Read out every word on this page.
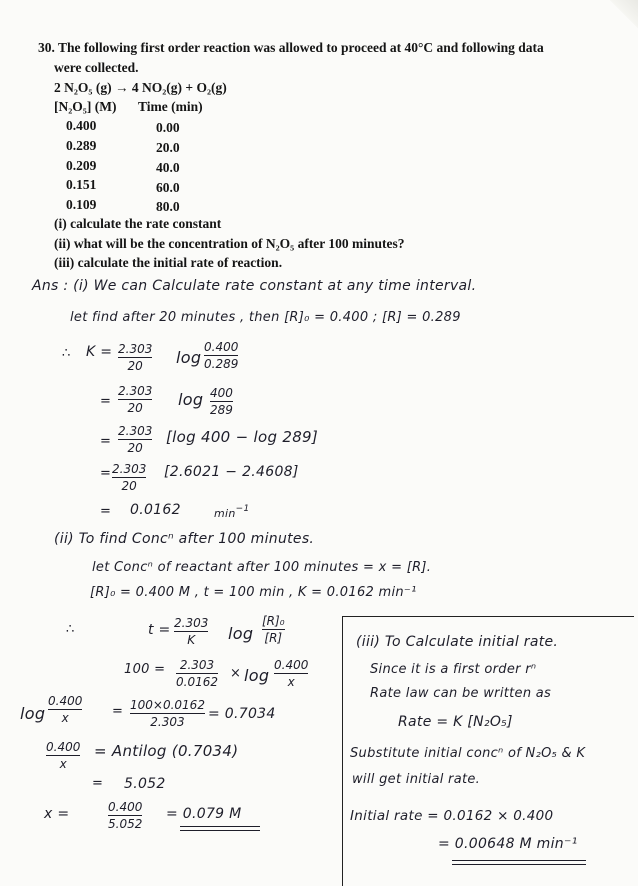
30. The following first order reaction was allowed to proceed at 40°C and following data
were collected.
2 N₂O₅ (g) → 4 NO₂(g) + O₂(g)
[N₂O₅] (M) Time (min)
0.400	0.00
0.289	20.0
0.209	40.0
0.151	60.0
0.109	80.0
(i) calculate the rate constant
(ii) what will be the concentration of N₂O₅ after 100 minutes?
(iii) calculate the initial rate of reaction.
Ans : (i) We can Calculate rate constant at any time interval.
let find after 20 minutes , then [R]₀ = 0.400 ; [R] = 0.289
∴ K = 2.303
20 log
0.400
0.289
=
2.303
20 log 400
289
=
2.303
20
[log 400 − log 289]
= 2.303
20
[2.6021 − 2.4608]
= 0.0162	$\min^{-1}$
(ii) To find Concⁿ after 100 minutes.
let Concⁿ of reactant after 100 minutes = x = [R].
[R]₀ = 0.400 M , t = 100 min , K = 0.0162 min⁻¹
∴	t = 2.303
K log
[R]₀
[R]
100 = 2.303
0.0162
× log
0.400
x
log
0.400
x	= 100×0.0162
2.303
= 0.7034
0.400
x
= Antilog (0.7034)
= 5.052
x =	0.400
5.052
= 0.079 M
(iii) To Calculate initial rate.
Since it is a first order rⁿ
Rate law can be written as
Rate = K [N₂O₅]
Substitute initial concⁿ of N₂O₅ & K
will get initial rate.
Initial rate = 0.0162 × 0.400
= 0.00648 M min⁻¹
